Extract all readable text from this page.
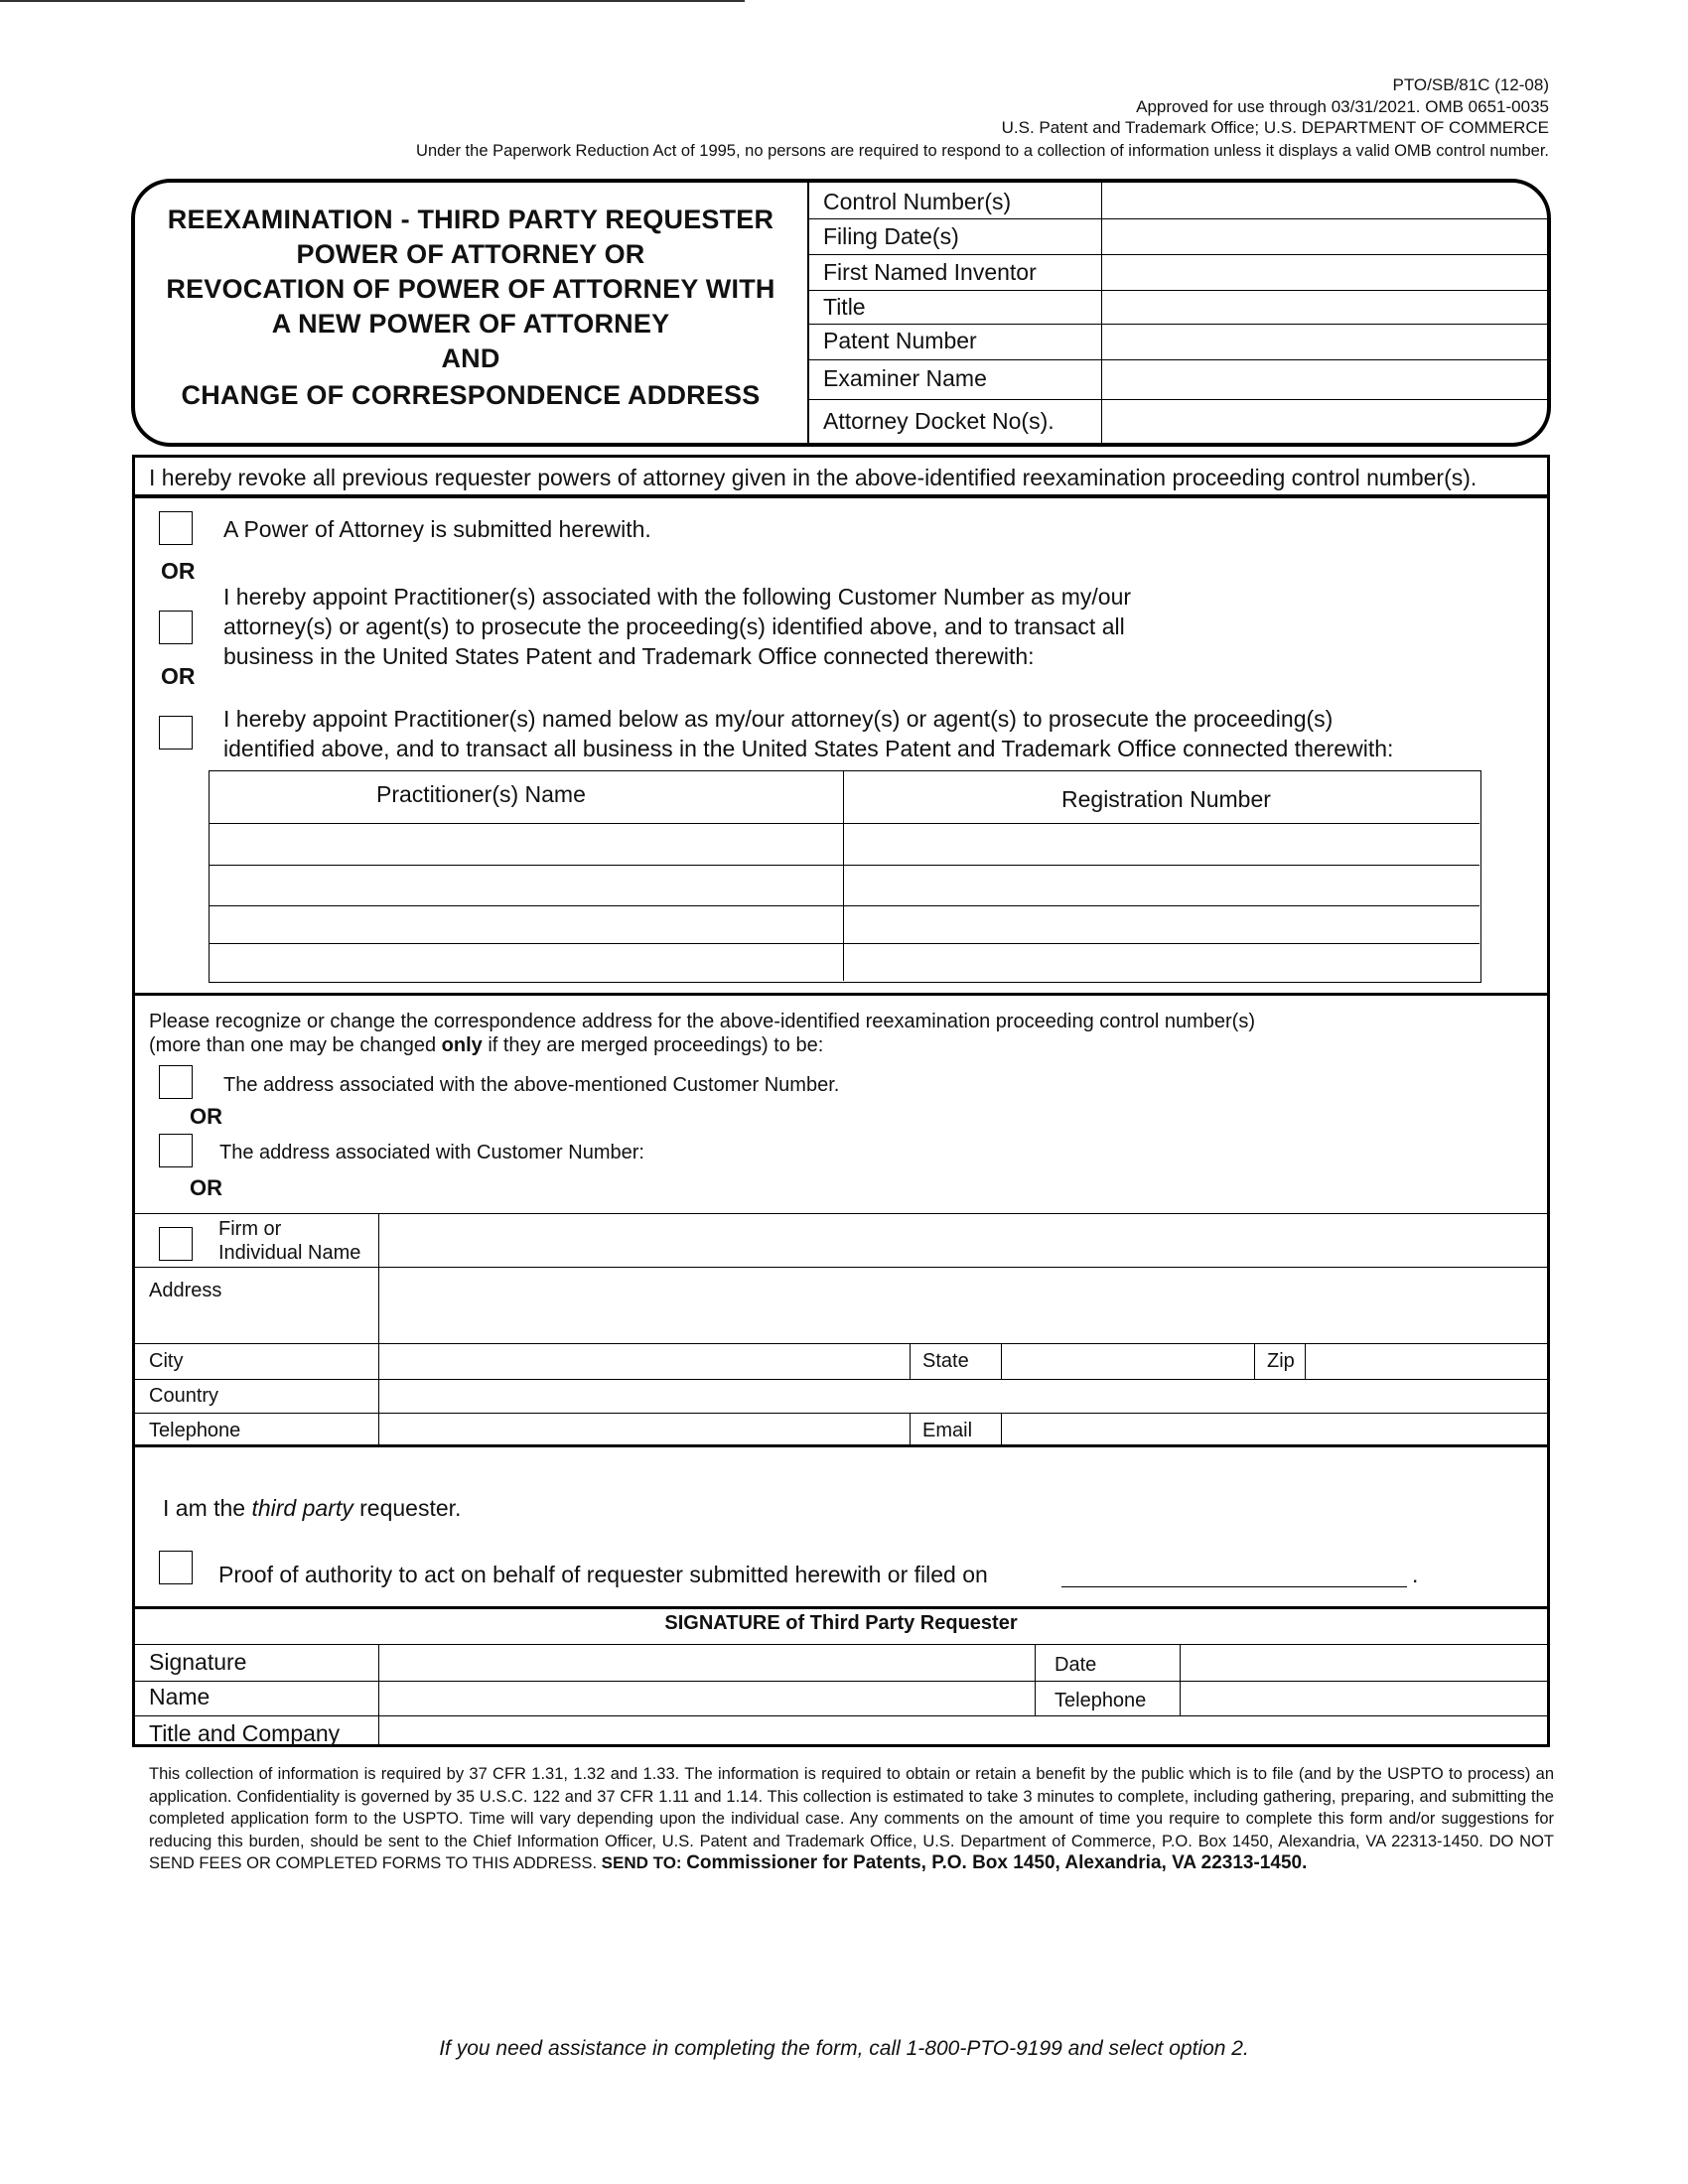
PTO/SB/81C (12-08)
Approved for use through 03/31/2021. OMB 0651-0035
U.S. Patent and Trademark Office; U.S. DEPARTMENT OF COMMERCE
Under the Paperwork Reduction Act of 1995, no persons are required to respond to a collection of information unless it displays a valid OMB control number.
REEXAMINATION - THIRD PARTY REQUESTER
POWER OF ATTORNEY OR
REVOCATION OF POWER OF ATTORNEY WITH
A NEW POWER OF ATTORNEY
AND
CHANGE OF CORRESPONDENCE ADDRESS
Control Number(s)
Filing Date(s)
First Named Inventor
Title
Patent Number
Examiner Name
Attorney Docket No(s).
I hereby revoke all previous requester powers of attorney given in the above-identified reexamination proceeding control number(s).
A Power of Attorney is submitted herewith.
OR
I hereby appoint Practitioner(s) associated with the following Customer Number as my/our
attorney(s) or agent(s) to prosecute the proceeding(s) identified above, and to transact all
business in the United States Patent and Trademark Office connected therewith:
OR
I hereby appoint Practitioner(s) named below as my/our attorney(s) or agent(s) to prosecute the proceeding(s)
identified above, and to transact all business in the United States Patent and Trademark Office connected therewith:
Practitioner(s) Name	Registration Number
Please recognize or change the correspondence address for the above-identified reexamination proceeding control number(s)
(more than one may be changed only if they are merged proceedings) to be:
The address associated with the above-mentioned Customer Number.
OR
The address associated with Customer Number:
OR
Firm or
Individual Name
Address
City	State	Zip
Country
Telephone	Email
I am the third party requester.
Proof of authority to act on behalf of requester submitted herewith or filed on	.
SIGNATURE of Third Party Requester
Signature	Date
Name	Telephone
Title and Company
This collection of information is required by 37 CFR 1.31, 1.32 and 1.33. The information is required to obtain or retain a benefit by the public which is to file (and by the USPTO to process) an application. Confidentiality is governed by 35 U.S.C. 122 and 37 CFR 1.11 and 1.14. This collection is estimated to take 3 minutes to complete, including gathering, preparing, and submitting the completed application form to the USPTO. Time will vary depending upon the individual case. Any comments on the amount of time you require to complete this form and/or suggestions for reducing this burden, should be sent to the Chief Information Officer, U.S. Patent and Trademark Office, U.S. Department of Commerce, P.O. Box 1450, Alexandria, VA 22313-1450. DO NOT SEND FEES OR COMPLETED FORMS TO THIS ADDRESS. SEND TO: Commissioner for Patents, P.O. Box 1450, Alexandria, VA 22313-1450.
If you need assistance in completing the form, call 1-800-PTO-9199 and select option 2.
